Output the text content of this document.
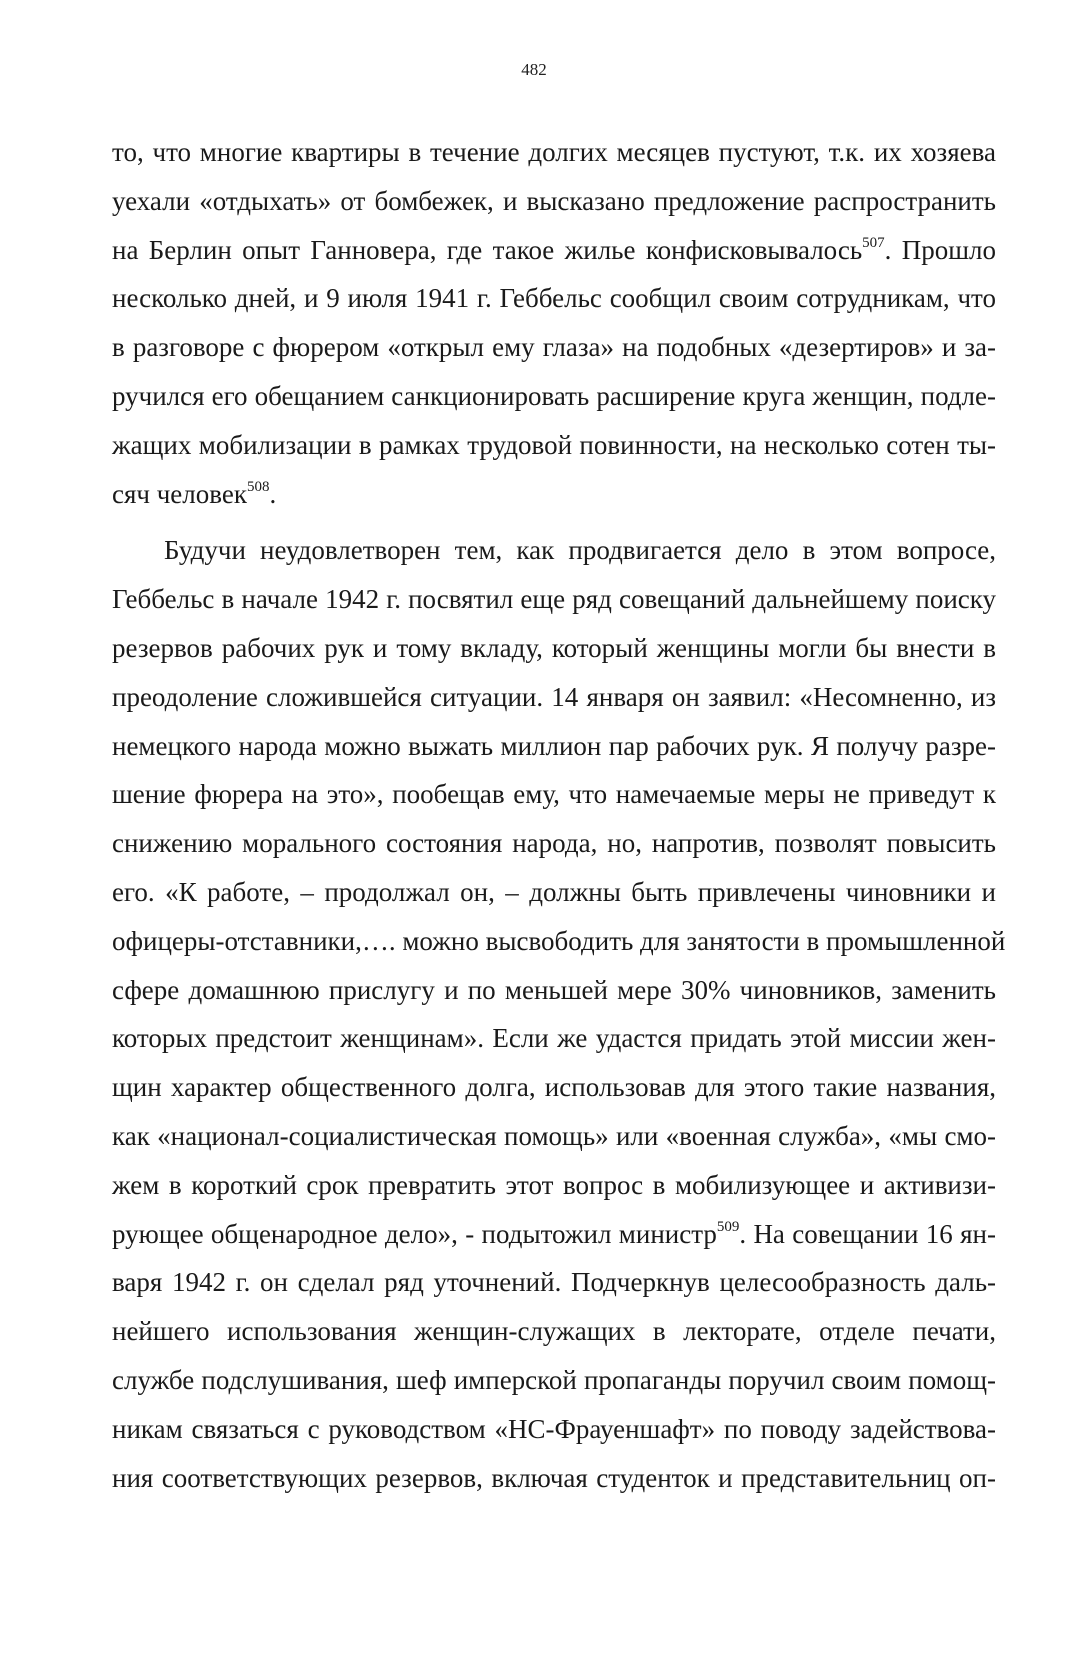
482
то, что многие квартиры в течение долгих месяцев пустуют, т.к. их хозяева
уехали «отдыхать» от бомбежек, и высказано предложение распространить
на Берлин опыт Ганновера, где такое жилье конфисковывалось$^{507}$. Прошло
несколько дней, и 9 июля 1941 г. Геббельс сообщил своим сотрудникам, что
в разговоре с фюрером «открыл ему глаза» на подобных «дезертиров» и за-
ручился его обещанием санкционировать расширение круга женщин, подле-
жащих мобилизации в рамках трудовой повинности, на несколько сотен ты-
сяч человек$^{508}$.
Будучи неудовлетворен тем, как продвигается дело в этом вопросе,
Геббельс в начале 1942 г. посвятил еще ряд совещаний дальнейшему поиску
резервов рабочих рук и тому вкладу, который женщины могли бы внести в
преодоление сложившейся ситуации. 14 января он заявил: «Несомненно, из
немецкого народа можно выжать миллион пар рабочих рук. Я получу разре-
шение фюрера на это», пообещав ему, что намечаемые меры не приведут к
снижению морального состояния народа, но, напротив, позволят повысить
его. «К работе, – продолжал он, – должны быть привлечены чиновники и
офицеры-отставники,…. можно высвободить для занятости в промышленной
сфере домашнюю прислугу и по меньшей мере 30% чиновников, заменить
которых предстоит женщинам». Если же удастся придать этой миссии жен-
щин характер общественного долга, использовав для этого такие названия,
как «национал-социалистическая помощь» или «военная служба», «мы смо-
жем в короткий срок превратить этот вопрос в мобилизующее и активизи-
рующее общенародное дело», - подытожил министр$^{509}$. На совещании 16 ян-
варя 1942 г. он сделал ряд уточнений. Подчеркнув целесообразность даль-
нейшего использования женщин-служащих в лекторате, отделе печати,
службе подслушивания, шеф имперской пропаганды поручил своим помощ-
никам связаться с руководством «НС-Фрауеншафт» по поводу задействова-
ния соответствующих резервов, включая студенток и представительниц оп-
